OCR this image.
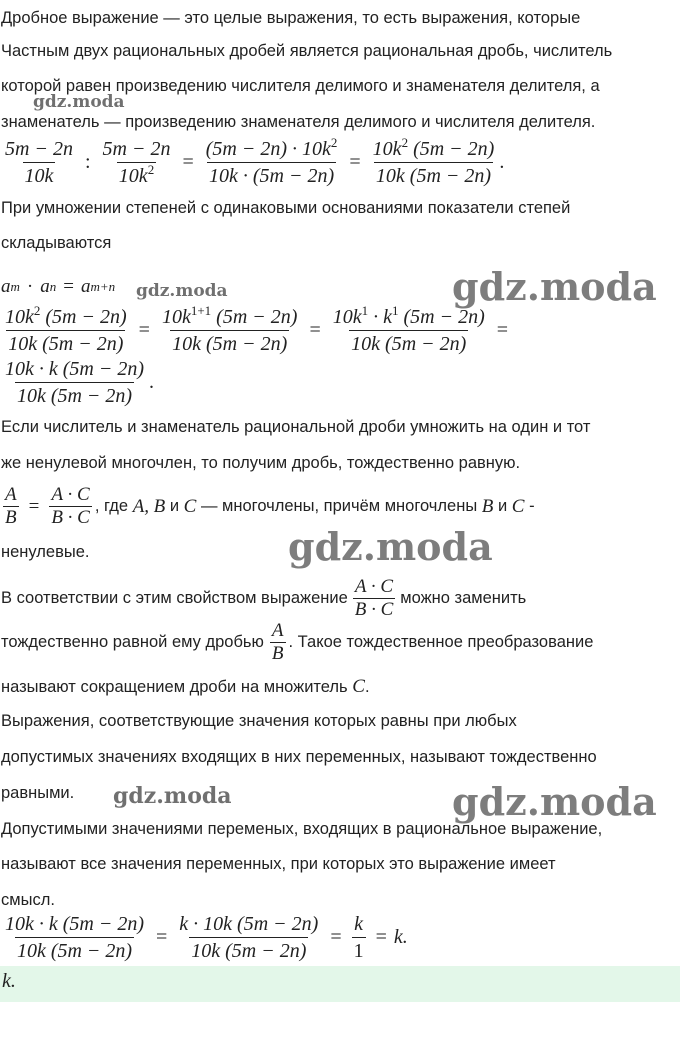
Дробное выражение — это целые выражения, то есть выражения, которые
Частным двух рациональных дробей является рациональная дробь, числитель
которой равен произведению числителя делимого и знаменателя делителя, а
gdz.moda
знаменатель — произведению знаменателя делимого и числителя делителя.
$\frac{5m - 2n}{10k}$ : $\frac{5m - 2n}{10k^2} = \frac{(5m - 2n) \cdot 10k^2}{10k \cdot (5m - 2n)} = \frac{10k^2 (5m - 2n)}{10k (5m - 2n)}$ .
При умножении степеней с одинаковыми основаниями показатели степей
складываются
a m · a n = a m+n gdz.moda	gdz.moda
$\frac{10k^2 (5m - 2n)}{10k (5m - 2n)} = \frac{10k^{1+1} (5m - 2n)}{10k (5m - 2n)} = \frac{10k^1 \cdot k^1 (5m - 2n)}{10k (5m - 2n)}$ =
$\frac{10k \cdot k (5m - 2n)}{10k (5m - 2n)}$ .
Если числитель и знаменатель рациональной дроби умножить на один и тот
же ненулевой многочлен, то получим дробь, тождественно равную.
$\frac{A}{B} = \frac{A \cdot C}{B \cdot C}$ , где
A,
B
и
C
— многочлены, причём многочлены
B
и
C
-
ненулевые.	gdz.moda
В соответствии с этим свойством выражение $\frac{A \cdot C}{B \cdot C}$ можно заменить
тождественно равной ему дробью $\frac{A}{B}$ . Такое тождественное преобразование
называют сокращением дроби на множитель C.
Выражения, соответствующие значения которых равны при любых
допустимых значениях входящих в них переменных, называют тождественно
равными. gdz.moda	gdz.moda
Допустимыми значениями переменых, входящих в рациональное выражение,
называют все значения переменных, при которых это выражение имеет
смысл.
$\frac{10k \cdot k (5m - 2n)}{10k (5m - 2n)} = \frac{k \cdot 10k (5m - 2n)}{10k (5m - 2n)} = \frac{k}{1} = k$.
k.
